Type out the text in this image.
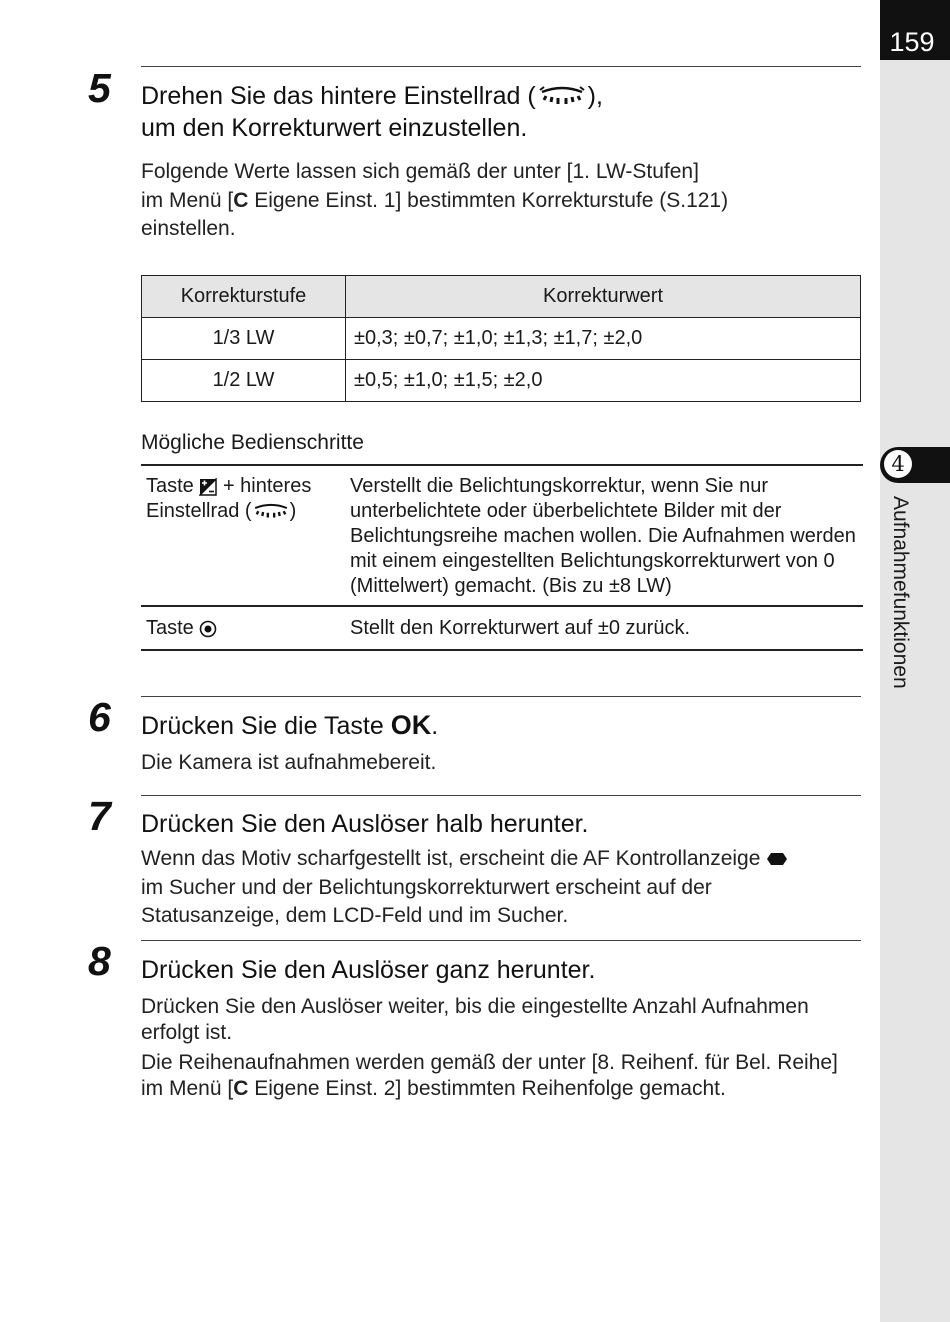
159
4
Aufnahmefunktionen
5 Drehen Sie das hintere Einstellrad ( ),
um den Korrekturwert einzustellen.

Folgende Werte lassen sich gemäß der unter [1. LW-Stufen]

im Menü [C Eigene Einst. 1] bestimmten Korrekturstufe (S.121)

einstellen.

Korrekturstufe	Korrekturwert
1/3 LW	±0,3; ±0,7; ±1,0; ±1,3; ±1,7; ±2,0
1/2 LW	±0,5; ±1,0; ±1,5; ±2,0
Mögliche Bedienschritte
Taste + hinteres
Einstellrad ( )	Verstellt die Belichtungskorrektur, wenn Sie nur unterbelichtete oder überbelichtete Bilder mit der Belichtungsreihe machen wollen. Die Aufnahmen werden mit einem eingestellten Belichtungskorrekturwert von 0 (Mittelwert) gemacht. (Bis zu ±8 LW)
Taste	Stellt den Korrekturwert auf ±0 zurück.
6 Drücken Sie die Taste OK.
Die Kamera ist aufnahmebereit.
7 Drücken Sie den Auslöser halb herunter.

Wenn das Motiv scharfgestellt ist, erscheint die AF Kontrollanzeige

im Sucher und der Belichtungskorrekturwert erscheint auf der

Statusanzeige, dem LCD-Feld und im Sucher.

8 Drücken Sie den Auslöser ganz herunter.

Drücken Sie den Auslöser weiter, bis die eingestellte Anzahl Aufnahmen erfolgt ist.

Die Reihenaufnahmen werden gemäß der unter [8. Reihenf. für Bel. Reihe] im Menü [C Eigene Einst. 2] bestimmten Reihenfolge gemacht.
